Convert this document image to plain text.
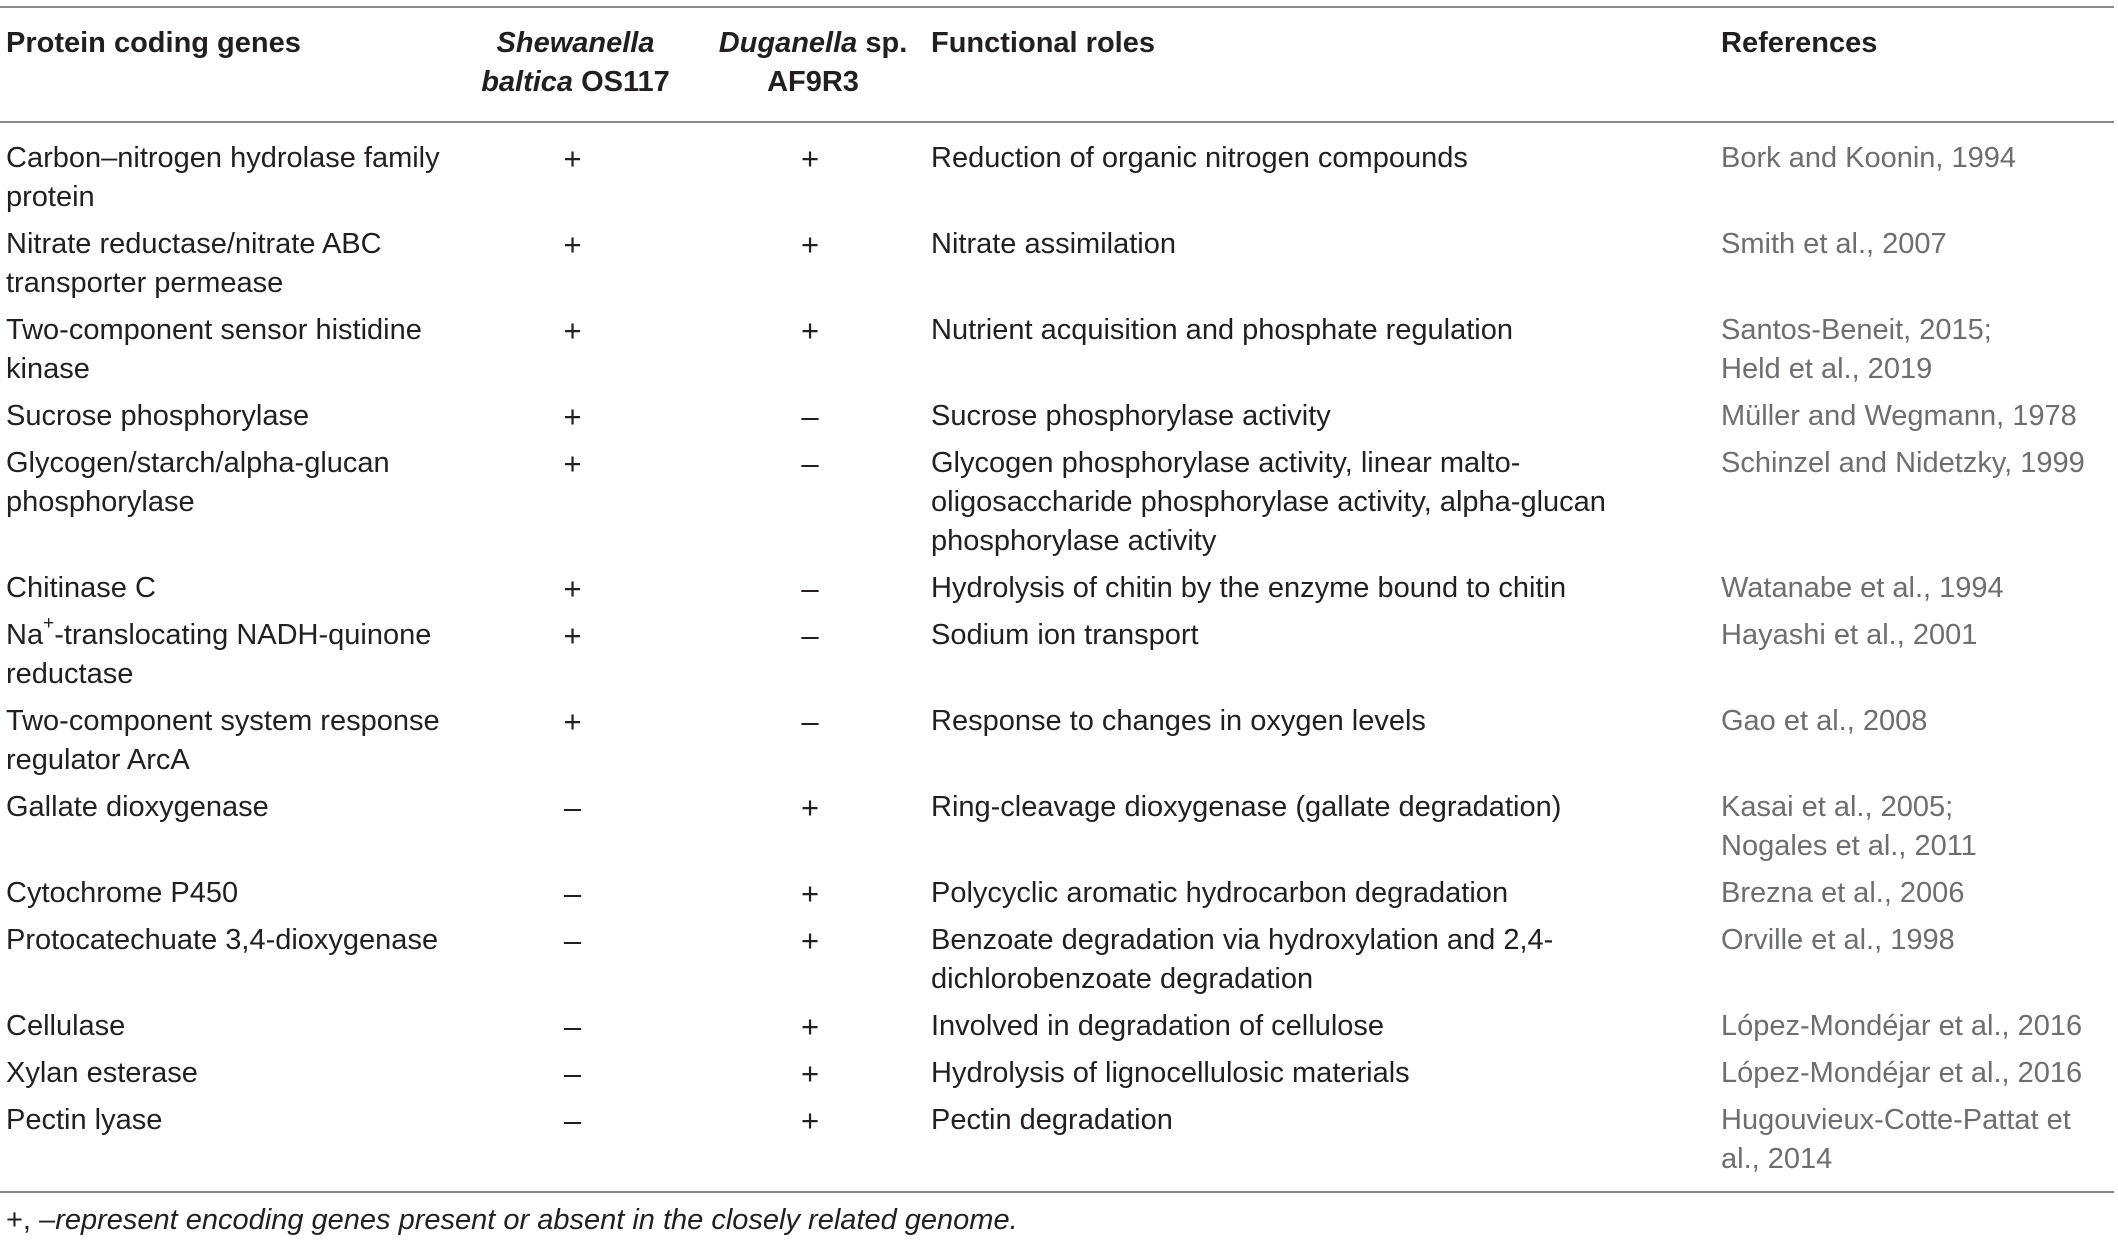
Protein coding genes	Shewanella baltica OS117	Duganella sp. AF9R3	Functional roles	References
Carbon–nitrogen hydrolase family protein	+	+	Reduction of organic nitrogen compounds	Bork and Koonin, 1994
Nitrate reductase/nitrate ABC transporter permease	+	+	Nitrate assimilation	Smith et al., 2007
Two-component sensor histidine kinase	+	+	Nutrient acquisition and phosphate regulation	Santos-Beneit, 2015;
Held et al., 2019
Sucrose phosphorylase	+	–	Sucrose phosphorylase activity	Müller and Wegmann, 1978
Glycogen/starch/alpha-glucan phosphorylase	+	–	Glycogen phosphorylase activity, linear malto-oligosaccharide phosphorylase activity, alpha-glucan phosphorylase activity	Schinzel and Nidetzky, 1999
Chitinase C	+	–	Hydrolysis of chitin by the enzyme bound to chitin	Watanabe et al., 1994
Na+-translocating NADH-quinone reductase	+	–	Sodium ion transport	Hayashi et al., 2001
Two-component system response regulator ArcA	+	–	Response to changes in oxygen levels	Gao et al., 2008
Gallate dioxygenase	–	+	Ring-cleavage dioxygenase (gallate degradation)	Kasai et al., 2005;
Nogales et al., 2011
Cytochrome P450	–	+	Polycyclic aromatic hydrocarbon degradation	Brezna et al., 2006
Protocatechuate 3,4-dioxygenase	–	+	Benzoate degradation via hydroxylation and 2,4-dichlorobenzoate degradation	Orville et al., 1998
Cellulase	–	+	Involved in degradation of cellulose	López-Mondéjar et al., 2016
Xylan esterase	–	+	Hydrolysis of lignocellulosic materials	López-Mondéjar et al., 2016
Pectin lyase	–	+	Pectin degradation	Hugouvieux-Cotte-Pattat et al., 2014
+, –represent encoding genes present or absent in the closely related genome.
